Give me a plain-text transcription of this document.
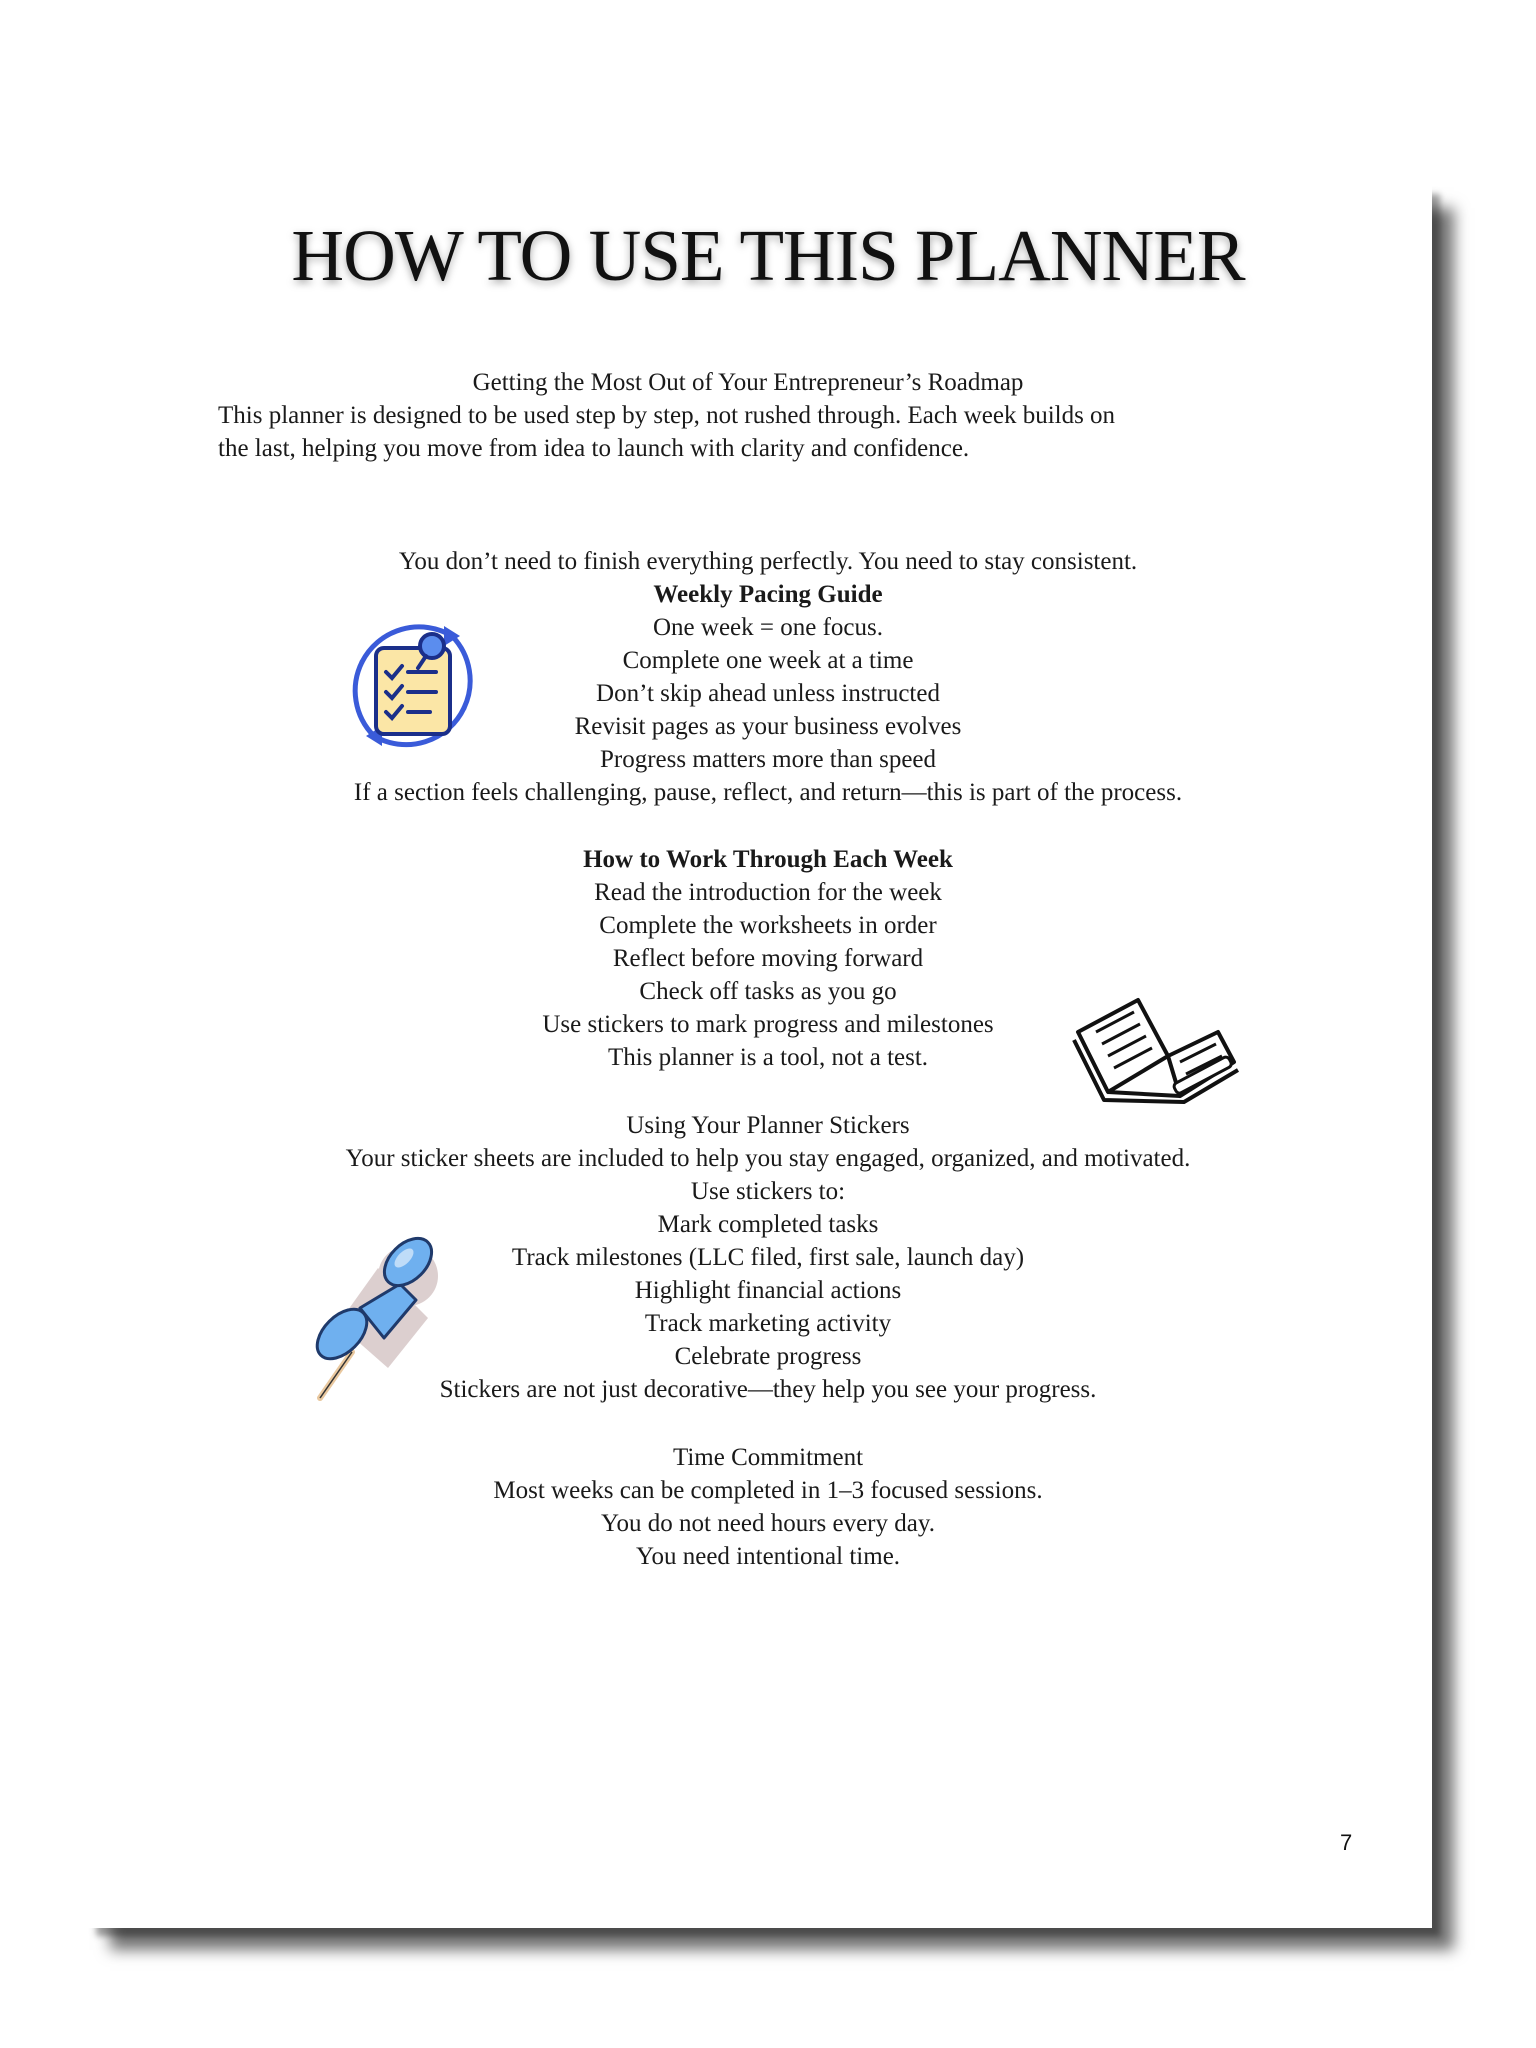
HOW TO USE THIS PLANNER
Getting the Most Out of Your Entrepreneur’s Roadmap
This planner is designed to be used step by step, not rushed through. Each week builds on
the last, helping you move from idea to launch with clarity and confidence.
You don’t need to finish everything perfectly. You need to stay consistent.
Weekly Pacing Guide
One week = one focus.
Complete one week at a time
Don’t skip ahead unless instructed
Revisit pages as your business evolves
Progress matters more than speed
If a section feels challenging, pause, reflect, and return—this is part of the process.
How to Work Through Each Week
Read the introduction for the week
Complete the worksheets in order
Reflect before moving forward
Check off tasks as you go
Use stickers to mark progress and milestones
This planner is a tool, not a test.
Using Your Planner Stickers
Your sticker sheets are included to help you stay engaged, organized, and motivated.
Use stickers to:
Mark completed tasks
Track milestones (LLC filed, first sale, launch day)
Highlight financial actions
Track marketing activity
Celebrate progress
Stickers are not just decorative—they help you see your progress.
Time Commitment
Most weeks can be completed in 1–3 focused sessions.
You do not need hours every day.
You need intentional time.
7
